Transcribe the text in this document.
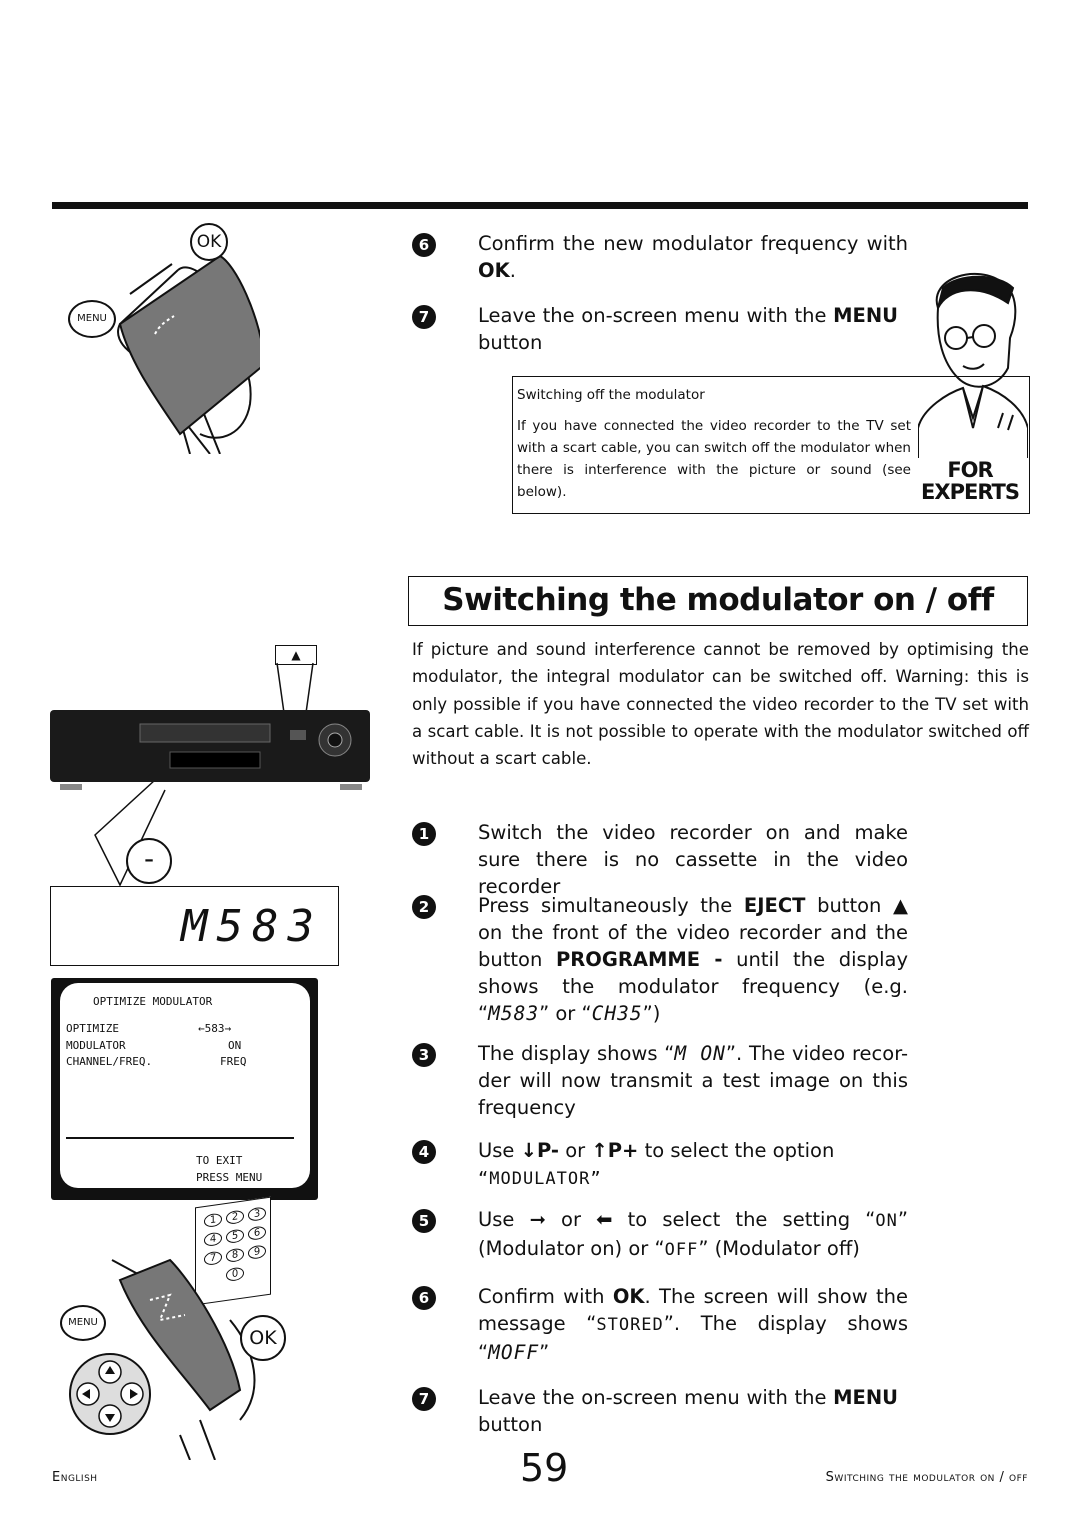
OK
MENU
6	Confirm the new modulator frequency with OK.
7	Leave the on-screen menu with the MENU button
Switching off the modulator
If you have connected the video recorder to the TV set with a scart cable, you can switch off the modulator when there is interference with the picture or sound (see below).
FOR
EXPERTS
Switching the modulator on / off
If picture and sound interference cannot be removed by optimising the modulator, the integral modulator can be switched off. Warning: this is only possible if you have connected the video recorder to the TV set with a scart cable. It is not possible to operate with the modulator switched off without a scart cable.
▲
-
M583
OPTIMIZE MODULATOR
OPTIMIZE	←583→
MODULATOR	ON
CHANNEL/FREQ.	FREQ
TO EXIT
PRESS MENU
1	2	3
4	5	6
7	8	9
0
MENU
OK
1	Switch the video recorder on and make sure there is no cassette in the video recorder
2	Press simultaneously the EJECT button ▲ on the front of the video recorder and the button PROGRAMME - until the display shows the modulator frequency (e.g. “M583” or “CH35”)
3	The display shows “M ON”. The video recor-der will now transmit a test image on this frequency
4	Use ↓P- or ↑P+ to select the option
“MODULATOR”
5	Use ➞ or ⬅ to select the setting “ON” (Modulator on) or “OFF” (Modulator off)
6	Confirm with OK. The screen will show the message “STORED”. The display shows “MOFF”
7	Leave the on-screen menu with the MENU button
English	59	Switching the modulator on / off
